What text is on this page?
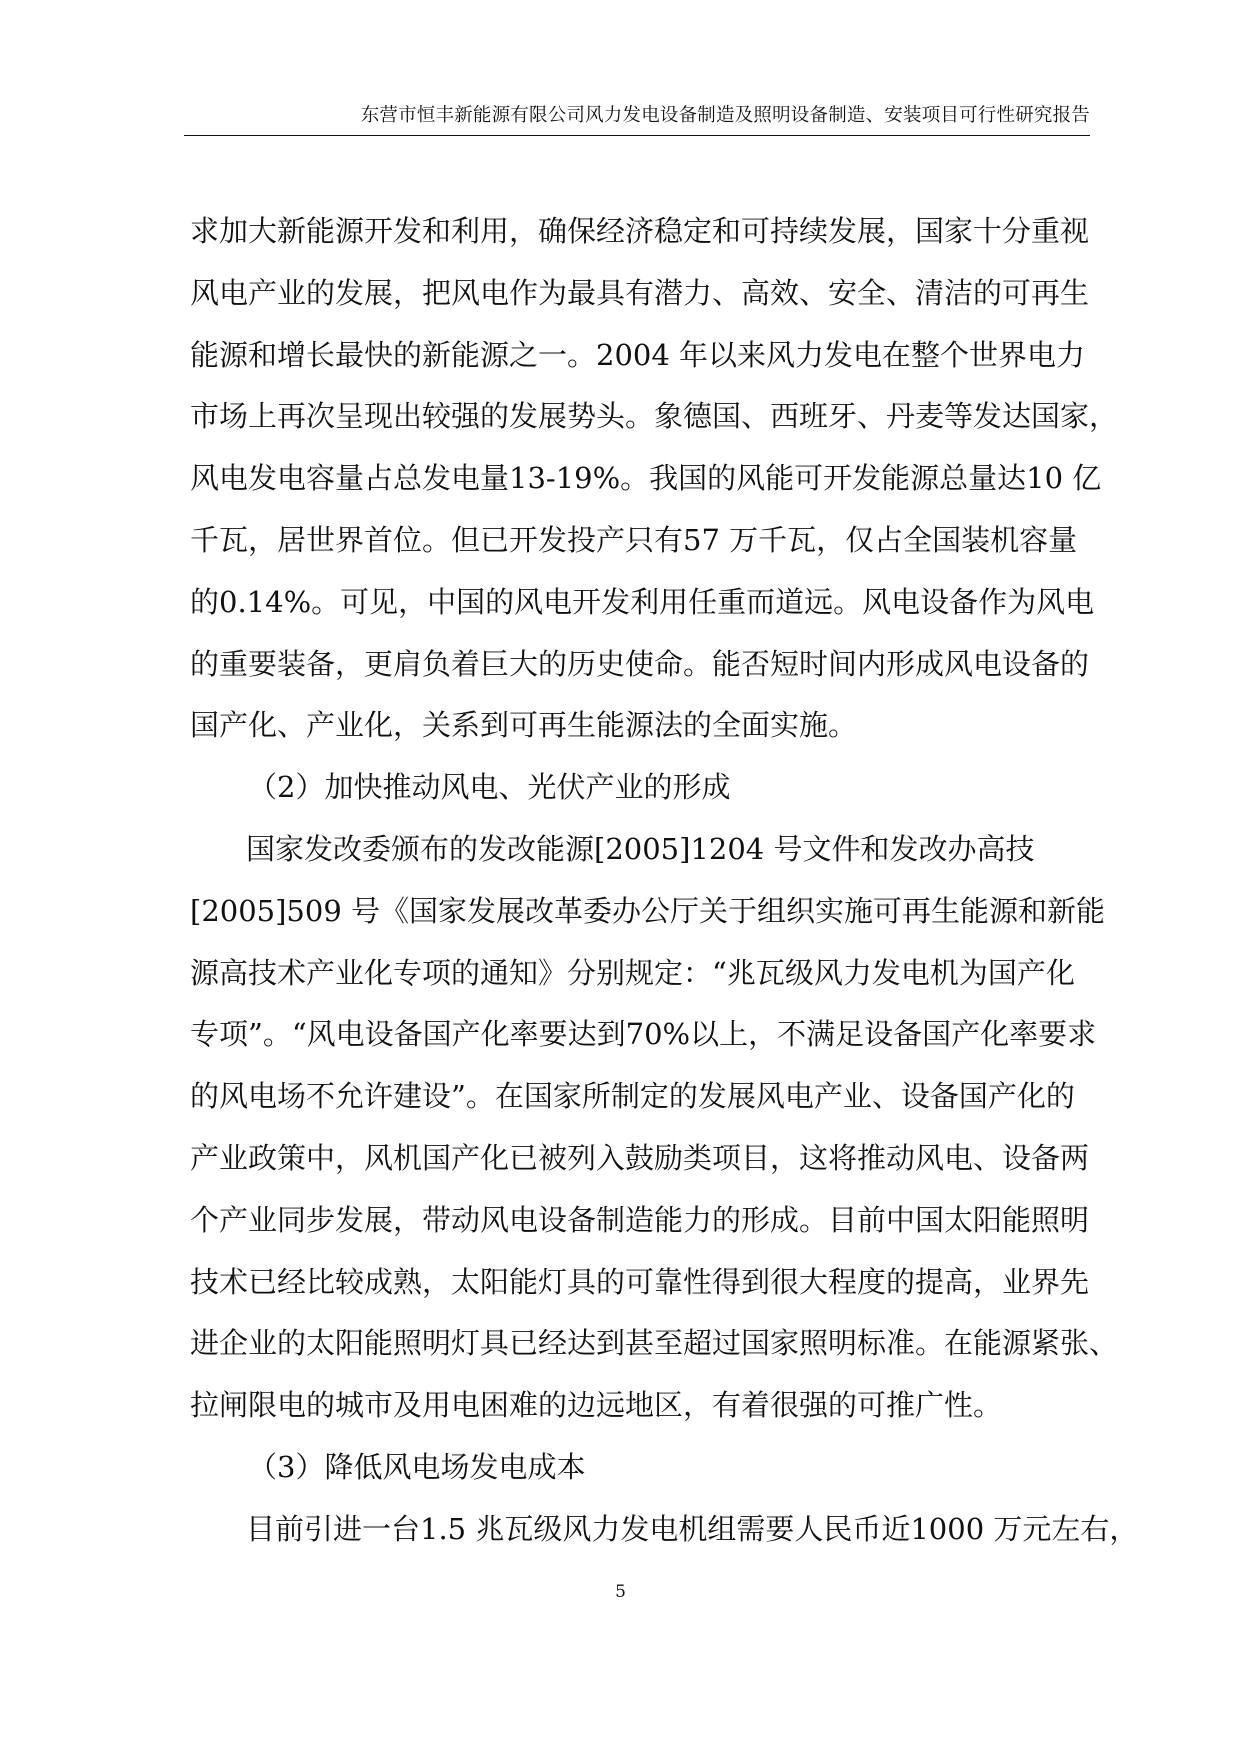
东营市恒丰新能源有限公司风力发电设备制造及照明设备制造、安装项目可行性研究报告
求加大新能源开发和利用，确保经济稳定和可持续发展，国家十分重视
风电产业的发展，把风电作为最具有潜力、高效、安全、清洁的可再生
能源和增长最快的新能源之一。2004 年以来风力发电在整个世界电力
市场上再次呈现出较强的发展势头。象德国、西班牙、丹麦等发达国家，
风电发电容量占总发电量13-19%。我国的风能可开发能源总量达10 亿
千瓦，居世界首位。但已开发投产只有57 万千瓦，仅占全国装机容量
的0.14%。可见，中国的风电开发利用任重而道远。风电设备作为风电
的重要装备，更肩负着巨大的历史使命。能否短时间内形成风电设备的
国产化、产业化，关系到可再生能源法的全面实施。
（2）加快推动风电、光伏产业的形成
国家发改委颁布的发改能源[2005]1204 号文件和发改办高技
[2005]509 号《国家发展改革委办公厅关于组织实施可再生能源和新能
源高技术产业化专项的通知》分别规定：“兆瓦级风力发电机为国产化
专项”。“风电设备国产化率要达到70%以上，不满足设备国产化率要求
的风电场不允许建设”。在国家所制定的发展风电产业、设备国产化的
产业政策中，风机国产化已被列入鼓励类项目，这将推动风电、设备两
个产业同步发展，带动风电设备制造能力的形成。目前中国太阳能照明
技术已经比较成熟，太阳能灯具的可靠性得到很大程度的提高，业界先
进企业的太阳能照明灯具已经达到甚至超过国家照明标准。在能源紧张、
拉闸限电的城市及用电困难的边远地区，有着很强的可推广性。
（3）降低风电场发电成本
目前引进一台1.5 兆瓦级风力发电机组需要人民币近1000 万元左右，
5
